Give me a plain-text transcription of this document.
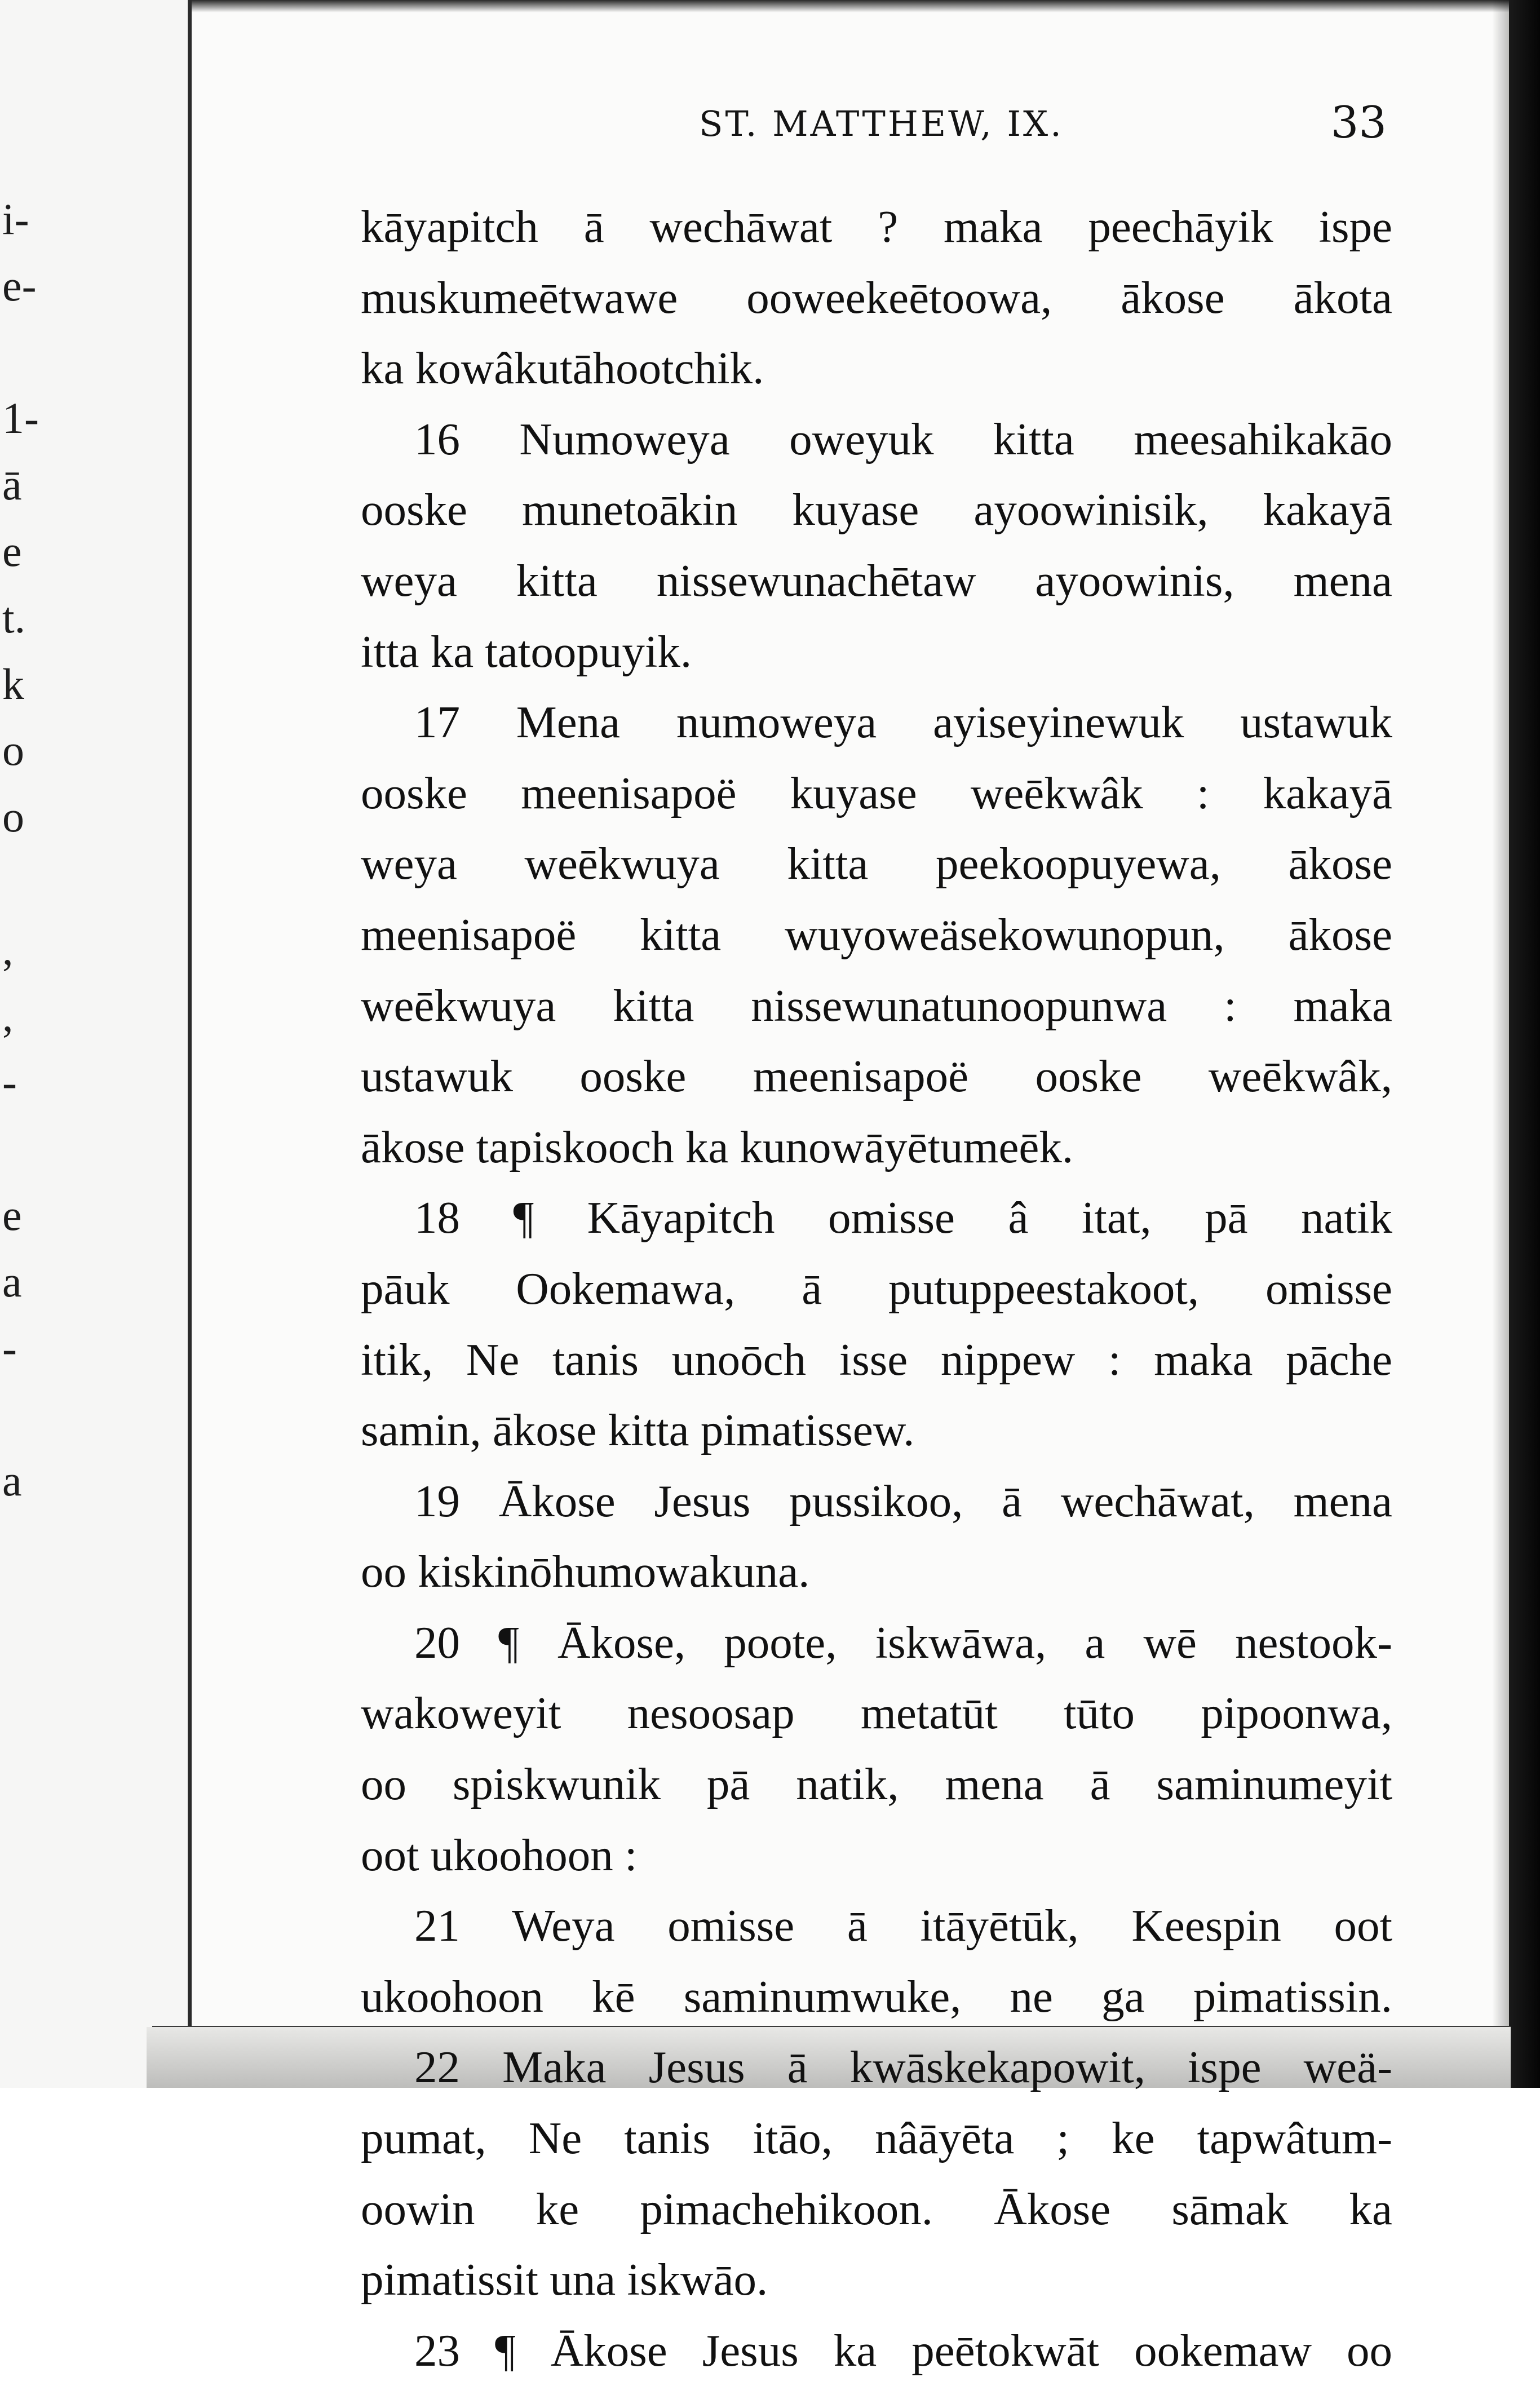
i-
e-
1-
ā
e
t.
k
o
o
,
,
-
e
a
-
a
ST. MATTHEW, IX.	33
kāyapitch ā wechāwat ? maka peechāyik ispe
muskumeētwawe ooweekeētoowa, ākose ākota
ka kowâkutāhootchik.
16 Numoweya oweyuk kitta meesahikakāo
ooske munetoākin kuyase ayoowinisik, kakayā
weya kitta nissewunachētaw ayoowinis, mena
itta ka tatoopuyik.
17 Mena numoweya ayiseyinewuk ustawuk
ooske meenisapoë kuyase weēkwâk : kakayā
weya weēkwuya kitta peekoopuyewa, ākose
meenisapoë kitta wuyoweäsekowunopun, ākose
weēkwuya kitta nissewunatunoopunwa : maka
ustawuk ooske meenisapoë ooske weēkwâk,
ākose tapiskooch ka kunowāyētumeēk.
18 ¶ Kāyapitch omisse â itat, pā natik
pāuk Ookemawa, ā putuppeestakoot, omisse
itik, Ne tanis unoōch isse nippew : maka pāche
samin, ākose kitta pimatissew.
19 Ākose Jesus pussikoo, ā wechāwat, mena
oo kiskinōhumowakuna.
20 ¶ Ākose, poote, iskwāwa, a wē nestook-
wakoweyit nesoosap metatūt tūto pipoonwa,
oo spiskwunik pā natik, mena ā saminumeyit
oot ukoohoon :
21 Weya omisse ā itāyētūk, Keespin oot
ukoohoon kē saminumwuke, ne ga pimatissin.
22 Maka Jesus ā kwāskekapowit, ispe weä-
pumat, Ne tanis itāo, nâāyēta ; ke tapwâtum-
oowin ke pimachehikoon. Ākose sāmak ka
pimatissit una iskwāo.
23 ¶ Ākose Jesus ka peētokwāt ookemaw oo
